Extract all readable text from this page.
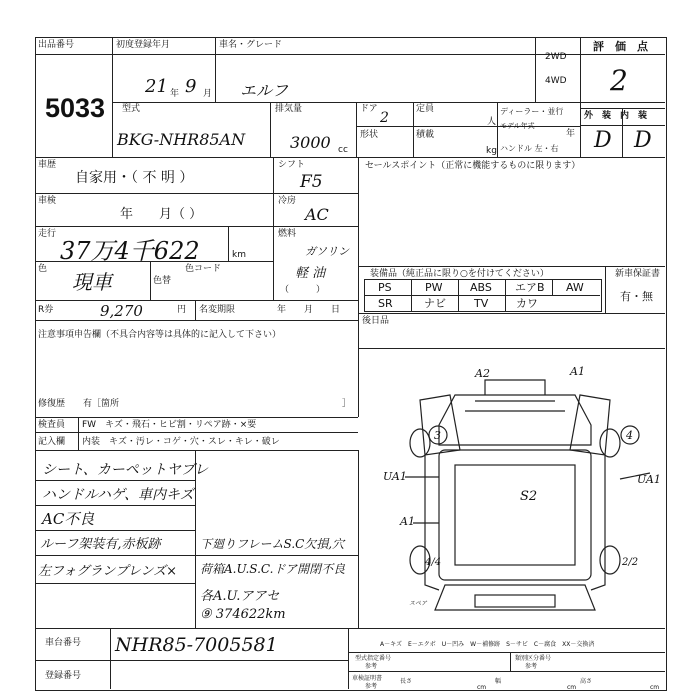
出品番号
5033
初度登録年月
21 年 9 月
車名・グレード
エルフ
2WD
4WD
評　価　点
2
外　装　内　装
D D
型式
BKG-NHR85AN
排気量
3000 cc
ドア
2
定員
人
ディーラー・並行
モデル年式
年
形状	積載
kg ハンドル 左・右
車歴
自家用・（ 不 明 ）
シフト
F5
車検
年　　月（ ）
冷房
AC
走行
37万4千622	km
燃料
ガソリン
軽 油
（　　　）
色
現車	色替
色コード
R券	9,270	円 名変期限	年　　月　　日
注意事項申告欄（不具合内容等は具体的に記入して下さい）
修復歴　　有［箇所	］
検査員 FW　キズ・飛石・ヒビ割・リペア跡・×要
記入欄 内装　キズ・汚レ・コゲ・穴・スレ・キレ・破レ
シート、カーペットヤブレ
ハンドルハゲ、車内キズ
AC不良
ルーフ架装有,赤板跡
左フォグランプレンズ×
下廻りフレームS.C欠損,穴
荷箱A.U.S.C.ドア開閉不良
各A.U.アアセ
⑨ 374622km
セールスポイント（正常に機能するものに限ります）
装備品（純正品に限り○を付けてください）	新車保証書
有・無
後日品
PS	PW ABS エアB AW
SR	ナビ	TV	カワ
A2	A1
3	4
UA1	UA1
S2
A1
4/4	2/2
スペア
車台番号 NHR85-7005581
登録番号
A－キズ　E－エクボ　U－凹み　W－補修跡　S－サビ　C－腐食　XX－交換済
型式指定番号
参考
類別区分番号
参考
車検証明書
参考
長さ
cm
幅
cm
高さ
cm
